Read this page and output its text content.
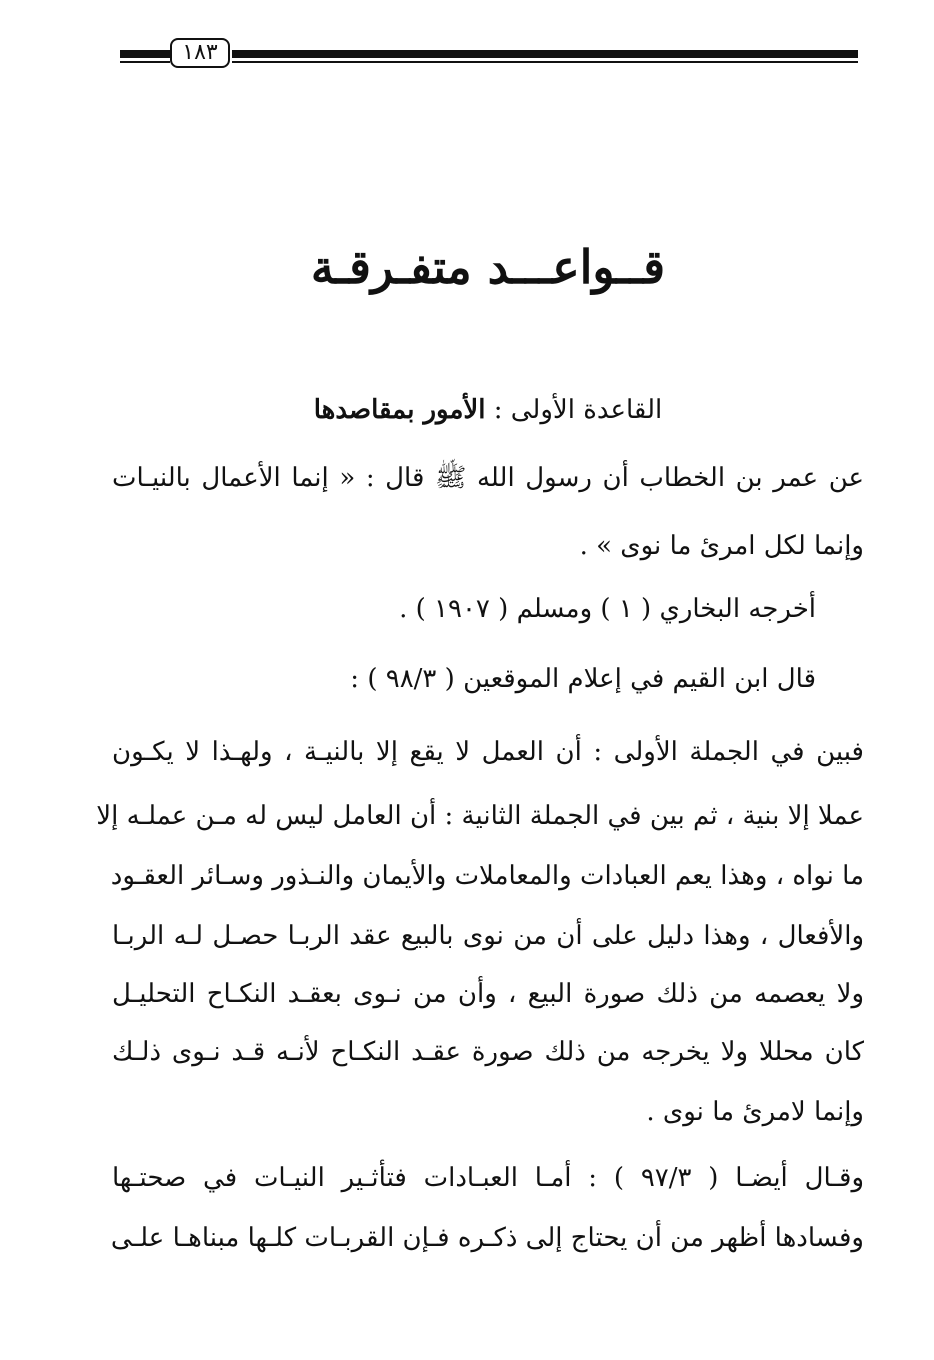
١٨٣
قــواعـــد متفـرقـة
القاعدة الأولى : الأمور بمقاصدها
عن عمر بن الخطاب أن رسول الله ﷺ قال : « إنما الأعمال بالنيـات
وإنما لكل امرئ ما نوى » .
أخرجه البخاري ( ١ ) ومسلم ( ١٩٠٧ ) .
قال ابن القيم في إعلام الموقعين ( ٩٨/٣ ) :
فبين في الجملة الأولى : أن العمل لا يقع إلا بالنيـة ، ولهـذا لا يكـون
عملا إلا بنية ، ثم بين في الجملة الثانية : أن العامل ليس له مـن عملـه إلا
ما نواه ، وهذا يعم العبادات والمعاملات والأيمان والنـذور وسـائر العقـود
والأفعال ، وهذا دليل على أن من نوى بالبيع عقد الربـا حصـل لـه الربـا
ولا يعصمه من ذلك صورة البيع ، وأن من نـوى بعقـد النكـاح التحليـل
كان محللا ولا يخرجه من ذلك صورة عقـد النكـاح لأنـه قـد نـوى ذلـك
وإنما لامرئ ما نوى .
وقـال أيضـا ( ٩٧/٣ ) : أمـا العبـادات فتأثـير النيـات في صحتـها
وفسادها أظهر من أن يحتاج إلى ذكـره فـإن القربـات كلـها مبناهـا علـى
